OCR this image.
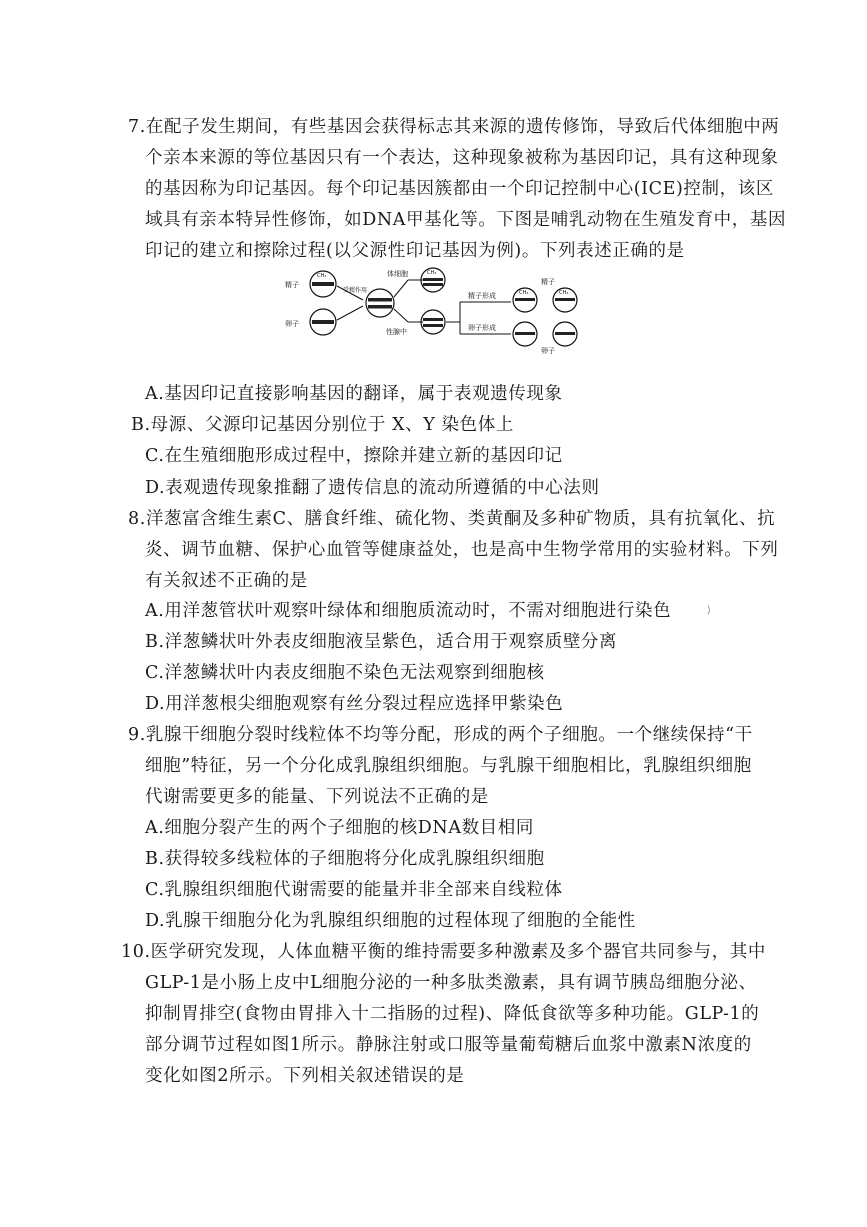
7.在配子发生期间，有些基因会获得标志其来源的遗传修饰，导致后代体细胞中两
个亲本来源的等位基因只有一个表达，这种现象被称为基因印记，具有这种现象
的基因称为印记基因。每个印记基因簇都由一个印记控制中心(ICE)控制，该区
域具有亲本特异性修饰，如DNA甲基化等。下图是哺乳动物在生殖发育中，基因
印记的建立和擦除过程(以父源性印记基因为例)。下列表述正确的是
精子
CH₃
卵子
受精作用
体细胞	CH₃
性腺中
精子形成
卵子形成
CH₃	CH₃
精子
卵子
A.基因印记直接影响基因的翻译，属于表观遗传现象
B.母源、父源印记基因分别位于 X、Y 染色体上
C.在生殖细胞形成过程中，擦除并建立新的基因印记
D.表观遗传现象推翻了遗传信息的流动所遵循的中心法则
8.洋葱富含维生素C、膳食纤维、硫化物、类黄酮及多种矿物质，具有抗氧化、抗
炎、调节血糖、保护心血管等健康益处，也是高中生物学常用的实验材料。下列
有关叙述不正确的是
A.用洋葱管状叶观察叶绿体和细胞质流动时，不需对细胞进行染色	⟩
B.洋葱鳞状叶外表皮细胞液呈紫色，适合用于观察质壁分离
C.洋葱鳞状叶内表皮细胞不染色无法观察到细胞核
D.用洋葱根尖细胞观察有丝分裂过程应选择甲紫染色
9.乳腺干细胞分裂时线粒体不均等分配，形成的两个子细胞。一个继续保持“干
细胞”特征，另一个分化成乳腺组织细胞。与乳腺干细胞相比，乳腺组织细胞
代谢需要更多的能量、下列说法不正确的是
A.细胞分裂产生的两个子细胞的核DNA数目相同
B.获得较多线粒体的子细胞将分化成乳腺组织细胞
C.乳腺组织细胞代谢需要的能量并非全部来自线粒体
D.乳腺干细胞分化为乳腺组织细胞的过程体现了细胞的全能性
10.医学研究发现，人体血糖平衡的维持需要多种激素及多个器官共同参与，其中
GLP-1是小肠上皮中L细胞分泌的一种多肽类激素，具有调节胰岛细胞分泌、
抑制胃排空(食物由胃排入十二指肠的过程)、降低食欲等多种功能。GLP-1的
部分调节过程如图1所示。静脉注射或口服等量葡萄糖后血浆中激素N浓度的
变化如图2所示。下列相关叙述错误的是
